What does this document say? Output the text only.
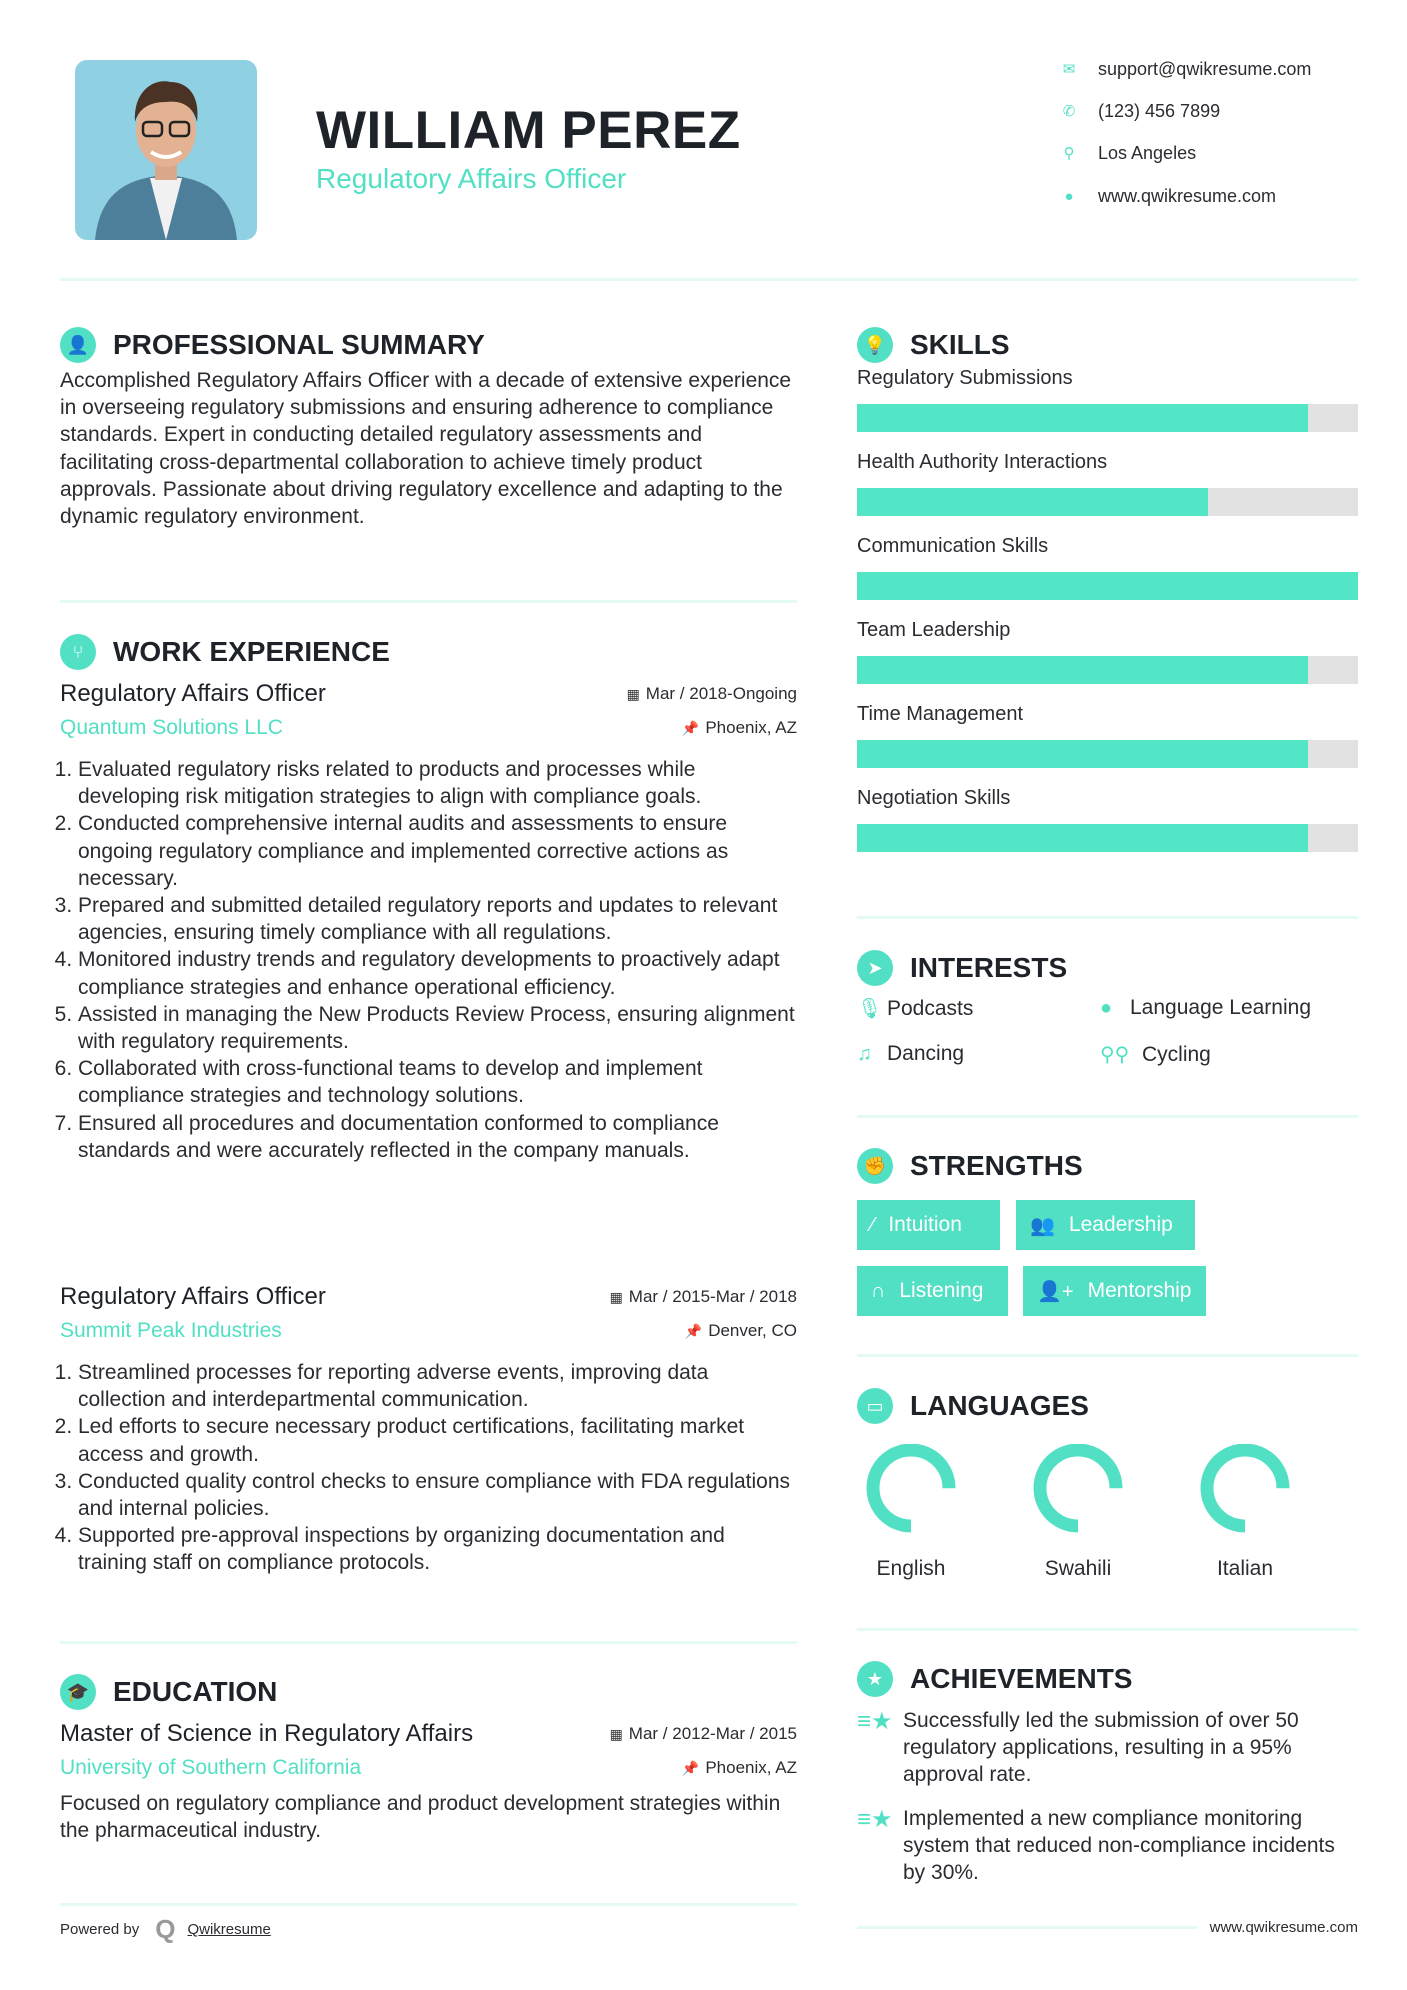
WILLIAM PEREZ
Regulatory Affairs Officer
✉ support@qwikresume.com
✆ (123) 456 7899
⚲	Los Angeles
●	www.qwikresume.com
👤 PROFESSIONAL SUMMARY

Accomplished Regulatory Affairs Officer with a decade of extensive experience in overseeing regulatory submissions and ensuring adherence to compliance standards. Expert in conducting detailed regulatory assessments and facilitating cross-departmental collaboration to achieve timely product approvals. Passionate about driving regulatory excellence and adapting to the dynamic regulatory environment.

⑂	WORK EXPERIENCE
Regulatory Affairs Officer	▦ Mar / 2018-Ongoing
Quantum Solutions LLC	📌 Phoenix, AZ
1. Evaluated regulatory risks related to products and processes while developing risk mitigation strategies to align with compliance goals.
2. Conducted comprehensive internal audits and assessments to ensure ongoing regulatory compliance and implemented corrective actions as necessary.
3. Prepared and submitted detailed regulatory reports and updates to relevant agencies, ensuring timely compliance with all regulations.
4. Monitored industry trends and regulatory developments to proactively adapt compliance strategies and enhance operational efficiency.
5. Assisted in managing the New Products Review Process, ensuring alignment with regulatory requirements.
6. Collaborated with cross-functional teams to develop and implement compliance strategies and technology solutions.
7. Ensured all procedures and documentation conformed to compliance standards and were accurately reflected in the company manuals.
Regulatory Affairs Officer	▦ Mar / 2015-Mar / 2018
Summit Peak Industries	📌 Denver, CO
1. Streamlined processes for reporting adverse events, improving data collection and interdepartmental communication.
2. Led efforts to secure necessary product certifications, facilitating market access and growth.
3. Conducted quality control checks to ensure compliance with FDA regulations and internal policies.
4. Supported pre-approval inspections by organizing documentation and training staff on compliance protocols.
🎓 EDUCATION
Master of Science in Regulatory Affairs	▦ Mar / 2012-Mar / 2015
University of Southern California	📌 Phoenix, AZ

Focused on regulatory compliance and product development strategies within the pharmaceutical industry.

Powered by Q Qwikresume
💡 SKILLS
Regulatory Submissions
Health Authority Interactions
Communication Skills
Team Leadership
Time Management
Negotiation Skills
➤ INTERESTS
🎙 Podcasts	● Language Learning
♫ Dancing	⚲⚲ Cycling
✊ STRENGTHS
⁄ Intuition	👥 Leadership
∩ Listening	👤+ Mentorship
▭ LANGUAGES
English	Swahili	Italian
★ ACHIEVEMENTS
≡★ Successfully led the submission of over 50 regulatory applications, resulting in a 95% approval rate.
≡★ Implemented a new compliance monitoring system that reduced non-compliance incidents by 30%.
www.qwikresume.com
